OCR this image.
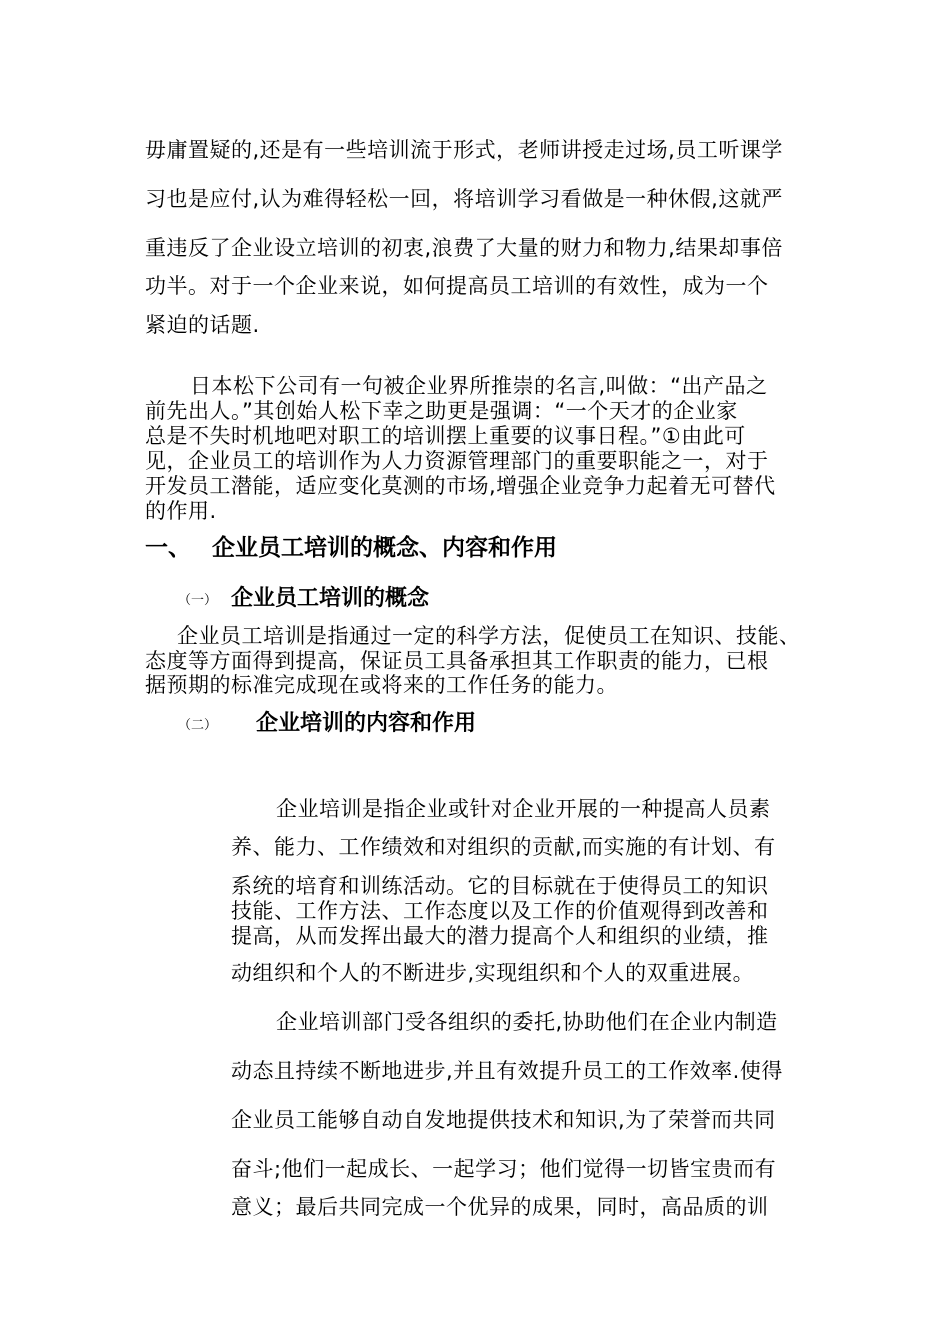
毋庸置疑的,还是有一些培训流于形式，老师讲授走过场,员工听课学
习也是应付,认为难得轻松一回，将培训学习看做是一种休假,这就严
重违反了企业设立培训的初衷,浪费了大量的财力和物力,结果却事倍
功半。对于一个企业来说，如何提高员工培训的有效性，成为一个
紧迫的话题.
日本松下公司有一句被企业界所推崇的名言,叫做：“出产品之
前先出人。”其创始人松下幸之助更是强调：“一个天才的企业家
总是不失时机地吧对职工的培训摆上重要的议事日程。”①由此可
见，企业员工的培训作为人力资源管理部门的重要职能之一，对于
开发员工潜能，适应变化莫测的市场,增强企业竞争力起着无可替代
的作用.
一、 企业员工培训的概念、内容和作用
（一） 企业员工培训的概念
企业员工培训是指通过一定的科学方法，促使员工在知识、技能、
态度等方面得到提高，保证员工具备承担其工作职责的能力，已根
据预期的标准完成现在或将来的工作任务的能力。
（二） 企业培训的内容和作用
企业培训是指企业或针对企业开展的一种提高人员素
养、能力、工作绩效和对组织的贡献,而实施的有计划、有
系统的培育和训练活动。它的目标就在于使得员工的知识
技能、工作方法、工作态度以及工作的价值观得到改善和
提高，从而发挥出最大的潜力提高个人和组织的业绩，推
动组织和个人的不断进步,实现组织和个人的双重进展。
企业培训部门受各组织的委托,协助他们在企业内制造
动态且持续不断地进步,并且有效提升员工的工作效率.使得
企业员工能够自动自发地提供技术和知识,为了荣誉而共同
奋斗;他们一起成长、一起学习；他们觉得一切皆宝贵而有
意义；最后共同完成一个优异的成果，同时，高品质的训
